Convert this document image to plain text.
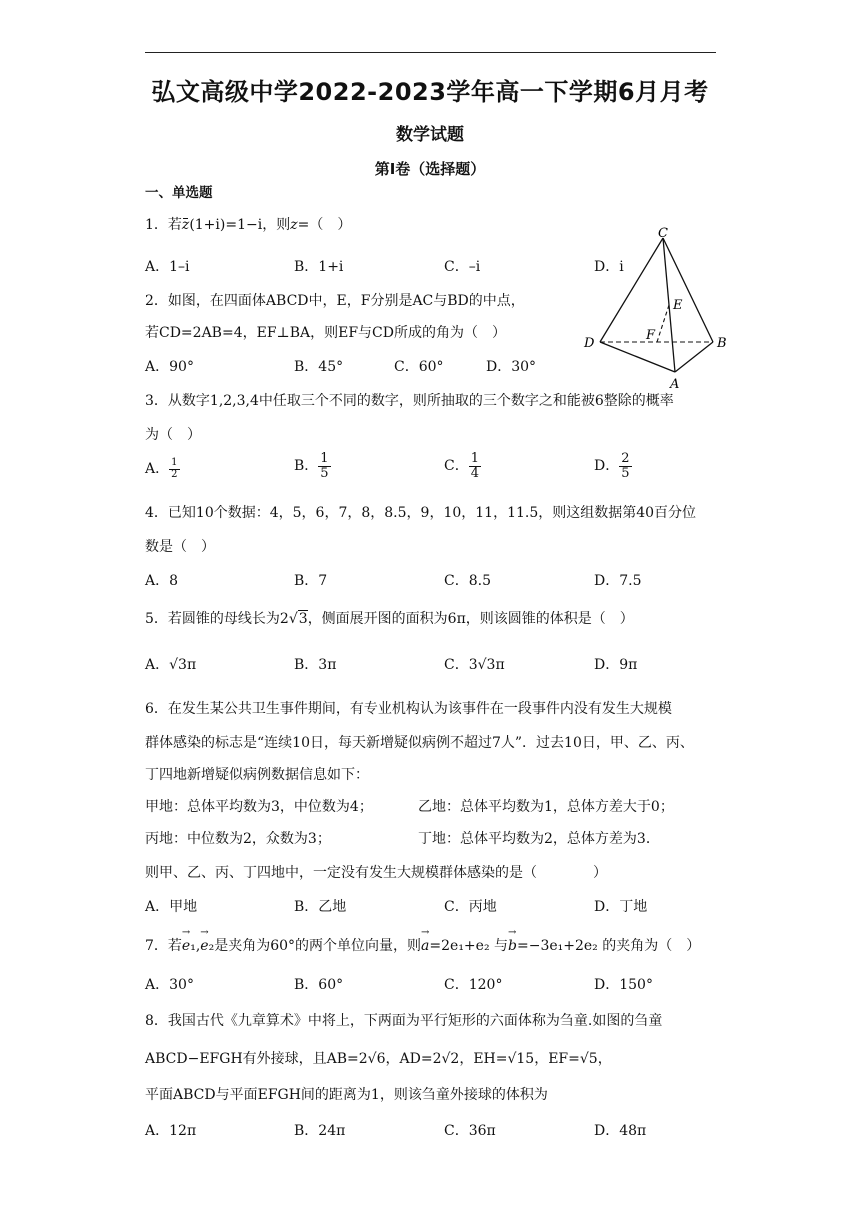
弘文高级中学2022-2023学年高一下学期6月月考
数学试题
第I卷（选择题）
一、单选题
1．若z(1+i)=1−i，则z=（　）
A．1–i	B．1+i	C．–i	D．i
2．如图，在四面体ABCD中，E，F分别是AC与BD的中点，
若CD=2AB=4，EF⊥BA，则EF与CD所成的角为（　）
A．90°	B．45°	C．60°	D．30°
C
E
F
D	B
A
3．从数字1,2,3,4中任取三个不同的数字，则所抽取的三个数字之和能被6整除的概率
为（　）
A． $\frac{1}{2}$	B． $\frac{1}{5}$	C． $\frac{1}{4}$	D． $\frac{2}{5}$
4．已知10个数据：4，5，6，7，8，8.5，9，10，11，11.5，则这组数据第40百分位
数是（　）
A．8	B．7	C．8.5	D．7.5
5．若圆锥的母线长为2√3，侧面展开图的面积为6π，则该圆锥的体积是（　）
A．√3π	B．3π	C．3√3π	D．9π
6．在发生某公共卫生事件期间，有专业机构认为该事件在一段事件内没有发生大规模
群体感染的标志是“连续10日，每天新增疑似病例不超过7人”．过去10日，甲、乙、丙、
丁四地新增疑似病例数据信息如下：
甲地：总体平均数为3，中位数为4；	乙地：总体平均数为1，总体方差大于0；
丙地：中位数为2，众数为3；	丁地：总体平均数为2，总体方差为3．
则甲、乙、丙、丁四地中，一定没有发生大规模群体感染的是（　　　　）
A．甲地	B．乙地	C．丙地	D．丁地
7．若→ e₁,→ e₂是夹角为60°的两个单位向量，则→ a=2e₁+e₂ 与→ b=−3e₁+2e₂ 的夹角为（　）
A．30°	B．60°	C．120°	D．150°
8．我国古代《九章算术》中将上，下两面为平行矩形的六面体称为刍童.如图的刍童
ABCD−EFGH有外接球，且AB=2√6，AD=2√2，EH=√15，EF=√5，
平面ABCD与平面EFGH间的距离为1，则该刍童外接球的体积为
A．12π	B．24π	C．36π	D．48π
